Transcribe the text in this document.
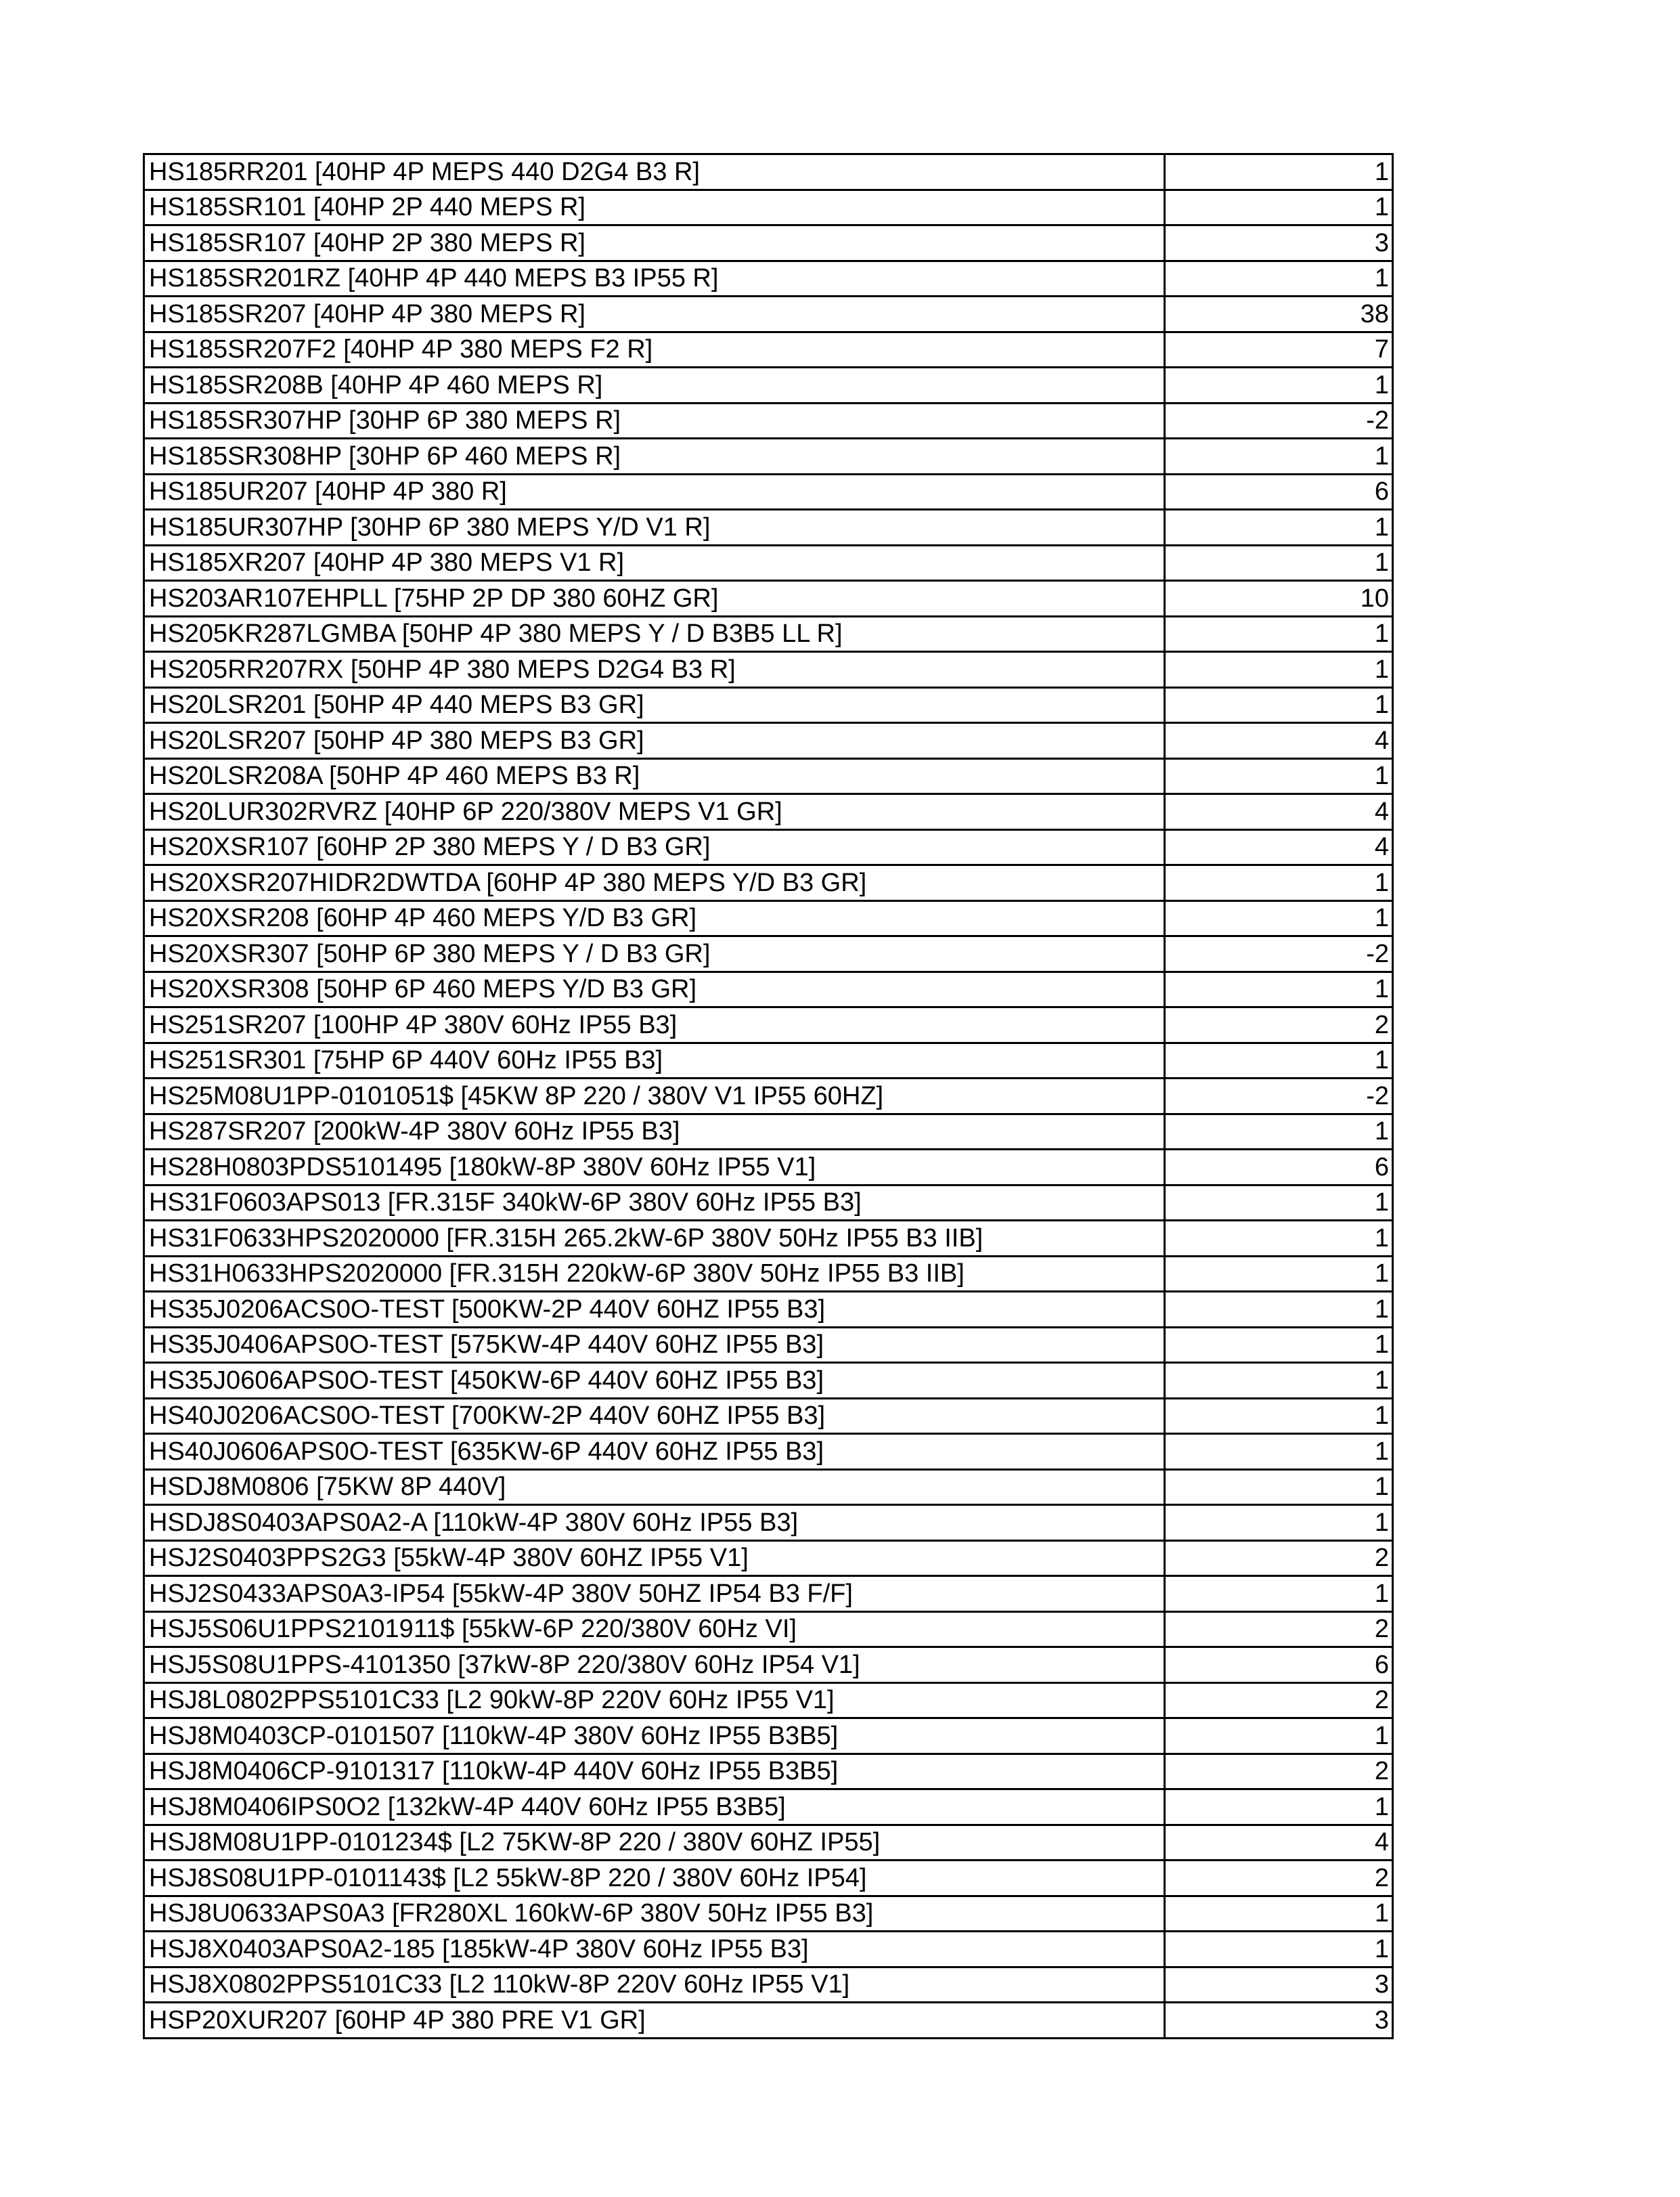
HS185RR201 [40HP 4P MEPS 440 D2G4 B3 R]	1
HS185SR101 [40HP 2P 440 MEPS R]	1
HS185SR107 [40HP 2P 380 MEPS R]	3
HS185SR201RZ [40HP 4P 440 MEPS B3 IP55 R]	1
HS185SR207 [40HP 4P 380 MEPS R]	38
HS185SR207F2 [40HP 4P 380 MEPS F2 R]	7
HS185SR208B [40HP 4P 460 MEPS R]	1
HS185SR307HP [30HP 6P 380 MEPS R]	-2
HS185SR308HP [30HP 6P 460 MEPS R]	1
HS185UR207 [40HP 4P 380 R]	6
HS185UR307HP [30HP 6P 380 MEPS Y/D V1 R]	1
HS185XR207 [40HP 4P 380 MEPS V1 R]	1
HS203AR107EHPLL [75HP 2P DP 380 60HZ GR]	10
HS205KR287LGMBA [50HP 4P 380 MEPS Y / D B3B5 LL R]	1
HS205RR207RX [50HP 4P 380 MEPS D2G4 B3 R]	1
HS20LSR201 [50HP 4P 440 MEPS B3 GR]	1
HS20LSR207 [50HP 4P 380 MEPS B3 GR]	4
HS20LSR208A [50HP 4P 460 MEPS B3 R]	1
HS20LUR302RVRZ [40HP 6P 220/380V MEPS V1 GR]	4
HS20XSR107 [60HP 2P 380 MEPS Y / D B3 GR]	4
HS20XSR207HIDR2DWTDA [60HP 4P 380 MEPS Y/D B3 GR]	1
HS20XSR208 [60HP 4P 460 MEPS Y/D B3 GR]	1
HS20XSR307 [50HP 6P 380 MEPS Y / D B3 GR]	-2
HS20XSR308 [50HP 6P 460 MEPS Y/D B3 GR]	1
HS251SR207 [100HP 4P 380V 60Hz IP55 B3]	2
HS251SR301 [75HP 6P 440V 60Hz IP55 B3]	1
HS25M08U1PP-0101051$ [45KW 8P 220 / 380V V1 IP55 60HZ]	-2
HS287SR207 [200kW-4P 380V 60Hz IP55 B3]	1
HS28H0803PDS5101495 [180kW-8P 380V 60Hz IP55 V1]	6
HS31F0603APS013 [FR.315F 340kW-6P 380V 60Hz IP55 B3]	1
HS31F0633HPS2020000 [FR.315H 265.2kW-6P 380V 50Hz IP55 B3 IIB]	1
HS31H0633HPS2020000 [FR.315H 220kW-6P 380V 50Hz IP55 B3 IIB]	1
HS35J0206ACS0O-TEST [500KW-2P 440V 60HZ IP55 B3]	1
HS35J0406APS0O-TEST [575KW-4P 440V 60HZ IP55 B3]	1
HS35J0606APS0O-TEST [450KW-6P 440V 60HZ IP55 B3]	1
HS40J0206ACS0O-TEST [700KW-2P 440V 60HZ IP55 B3]	1
HS40J0606APS0O-TEST [635KW-6P 440V 60HZ IP55 B3]	1
HSDJ8M0806 [75KW 8P 440V]	1
HSDJ8S0403APS0A2-A [110kW-4P 380V 60Hz IP55 B3]	1
HSJ2S0403PPS2G3 [55kW-4P 380V 60HZ IP55 V1]	2
HSJ2S0433APS0A3-IP54 [55kW-4P 380V 50HZ IP54 B3 F/F]	1
HSJ5S06U1PPS2101911$ [55kW-6P 220/380V 60Hz VI]	2
HSJ5S08U1PPS-4101350 [37kW-8P 220/380V 60Hz IP54 V1]	6
HSJ8L0802PPS5101C33 [L2 90kW-8P 220V 60Hz IP55 V1]	2
HSJ8M0403CP-0101507 [110kW-4P 380V 60Hz IP55 B3B5]	1
HSJ8M0406CP-9101317 [110kW-4P 440V 60Hz IP55 B3B5]	2
HSJ8M0406IPS0O2 [132kW-4P 440V 60Hz IP55 B3B5]	1
HSJ8M08U1PP-0101234$ [L2 75KW-8P 220 / 380V 60HZ IP55]	4
HSJ8S08U1PP-0101143$ [L2 55kW-8P 220 / 380V 60Hz IP54]	2
HSJ8U0633APS0A3 [FR280XL 160kW-6P 380V 50Hz IP55 B3]	1
HSJ8X0403APS0A2-185 [185kW-4P 380V 60Hz IP55 B3]	1
HSJ8X0802PPS5101C33 [L2 110kW-8P 220V 60Hz IP55 V1]	3
HSP20XUR207 [60HP 4P 380 PRE V1 GR]	3
